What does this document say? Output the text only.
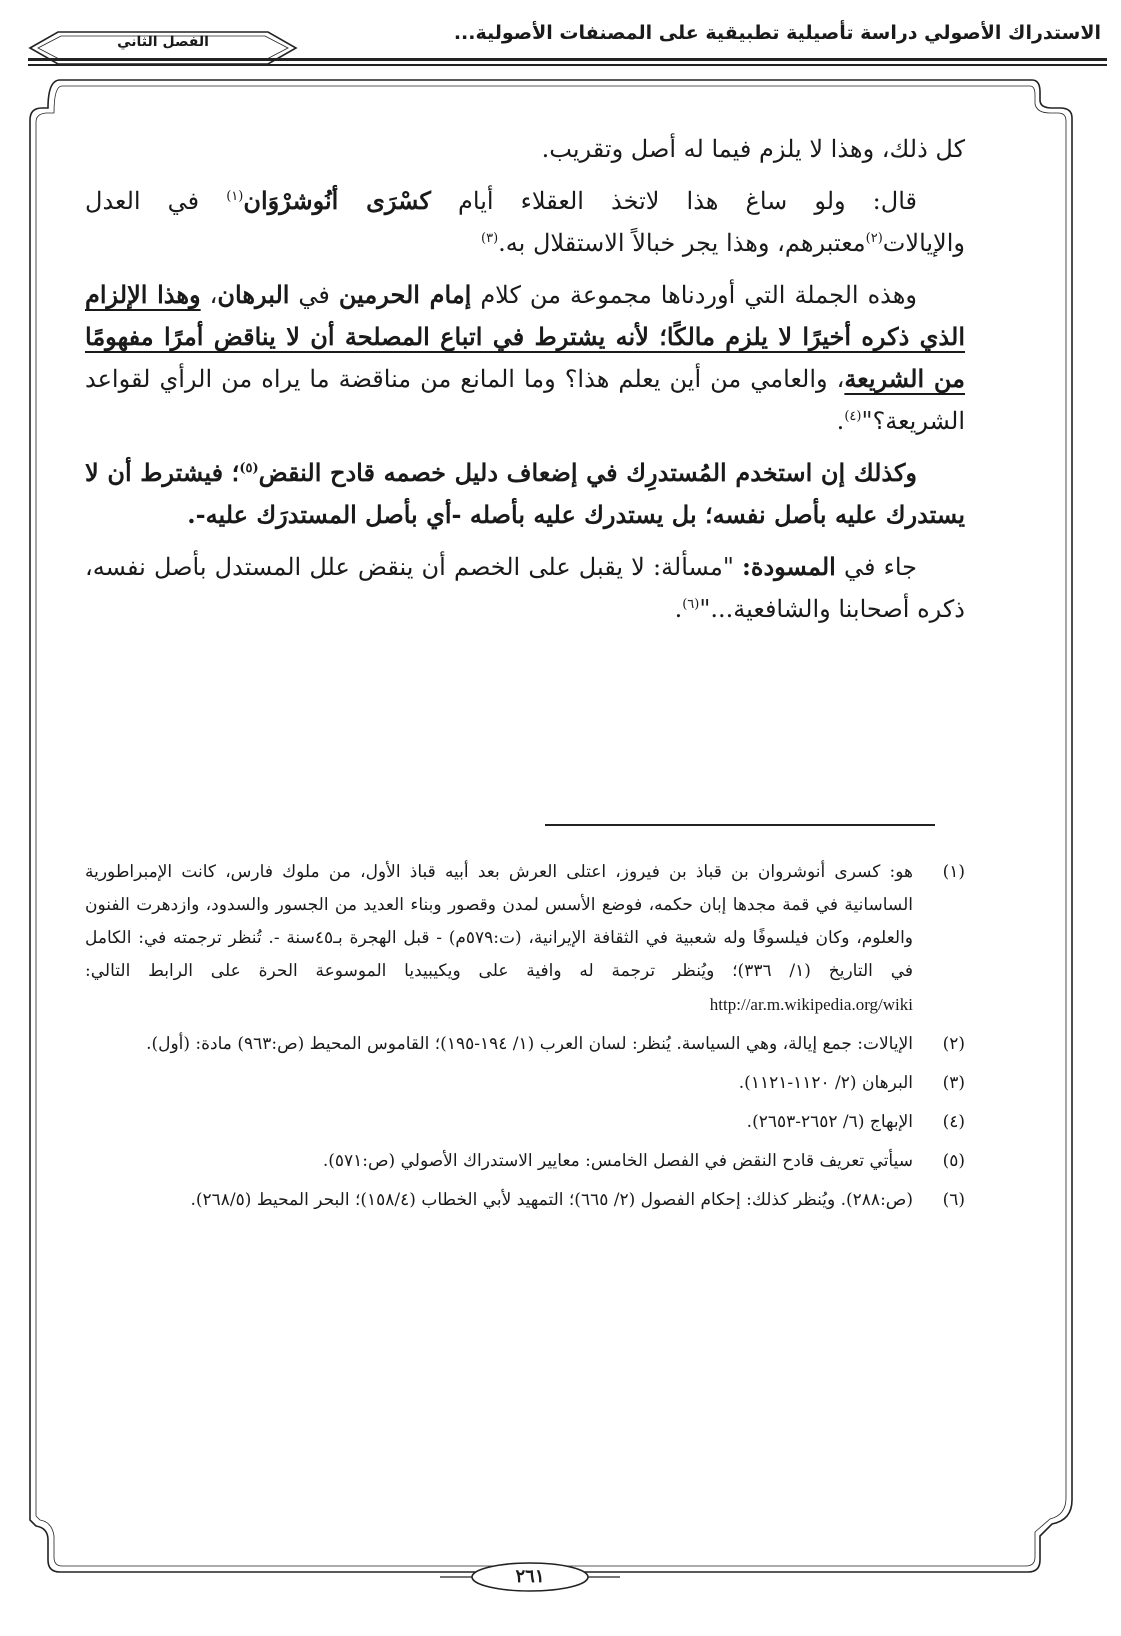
الاستدراك الأصولي دراسة تأصيلية تطبيقية على المصنفات الأصولية...
الفصل الثاني
٢٦١

كل ذلك، وهذا لا يلزم فيما له أصل وتقريب.

قال: ولو ساغ هذا لاتخذ العقلاء أيام كسْرَى أنُوشرْوَان$^{(١)}$ في العدل والإيالات$^{(٢)}$معتبرهم، وهذا يجر خبالاً الاستقلال به.$^{(٣)}$

وهذه الجملة التي أوردناها مجموعة من كلام إمام الحرمين في البرهان، وهذا الإلزام الذي ذكره أخيرًا لا يلزم مالكًا؛ لأنه يشترط في اتباع المصلحة أن لا يناقض أمرًا مفهومًا من الشريعة، والعامي من أين يعلم هذا؟ وما المانع من مناقضة ما يراه من الرأي لقواعد الشريعة؟"$^{(٤)}$.

وكذلك إن استخدم المُستدرِك في إضعاف دليل خصمه قادح النقض$^{(٥)}$؛ فيشترط أن لا يستدرك عليه بأصل نفسه؛ بل يستدرك عليه بأصله -أي بأصل المستدرَك عليه-.

جاء في المسودة: "مسألة: لا يقبل على الخصم أن ينقض علل المستدل بأصل نفسه، ذكره أصحابنا والشافعية..."$^{(٦)}$.

(١)
هو: كسرى أنوشروان بن قباذ بن فيروز، اعتلى العرش بعد أبيه قباذ الأول، من ملوك فارس، كانت الإمبراطورية الساسانية في قمة مجدها إبان حكمه، فوضع الأسس لمدن وقصور وبناء العديد من الجسور والسدود، وازدهرت الفنون والعلوم، وكان فيلسوفًا وله شعبية في الثقافة الإيرانية، (ت:٥٧٩م) - قبل الهجرة بـ٤٥سنة -. تُنظر ترجمته في: الكامل في التاريخ (١/ ٣٣٦)؛ ويُنظر ترجمة له وافية على ويكيبيديا الموسوعة الحرة على الرابط التالي: http://ar.m.wikipedia.org/wiki
(٢)
الإيالات: جمع إيالة، وهي السياسة. يُنظر: لسان العرب (١/ ١٩٤-١٩٥)؛ القاموس المحيط (ص:٩٦٣) مادة: (أول).
(٣)
البرهان (٢/ ١١٢٠-١١٢١).
(٤)
الإبهاج (٦/ ٢٦٥٢-٢٦٥٣).
(٥)
سيأتي تعريف قادح النقض في الفصل الخامس: معايير الاستدراك الأصولي (ص:٥٧١).
(٦)
(ص:٢٨٨). ويُنظر كذلك: إحكام الفصول (٢/ ٦٦٥)؛ التمهيد لأبي الخطاب (١٥٨/٤)؛ البحر المحيط (٢٦٨/٥).
